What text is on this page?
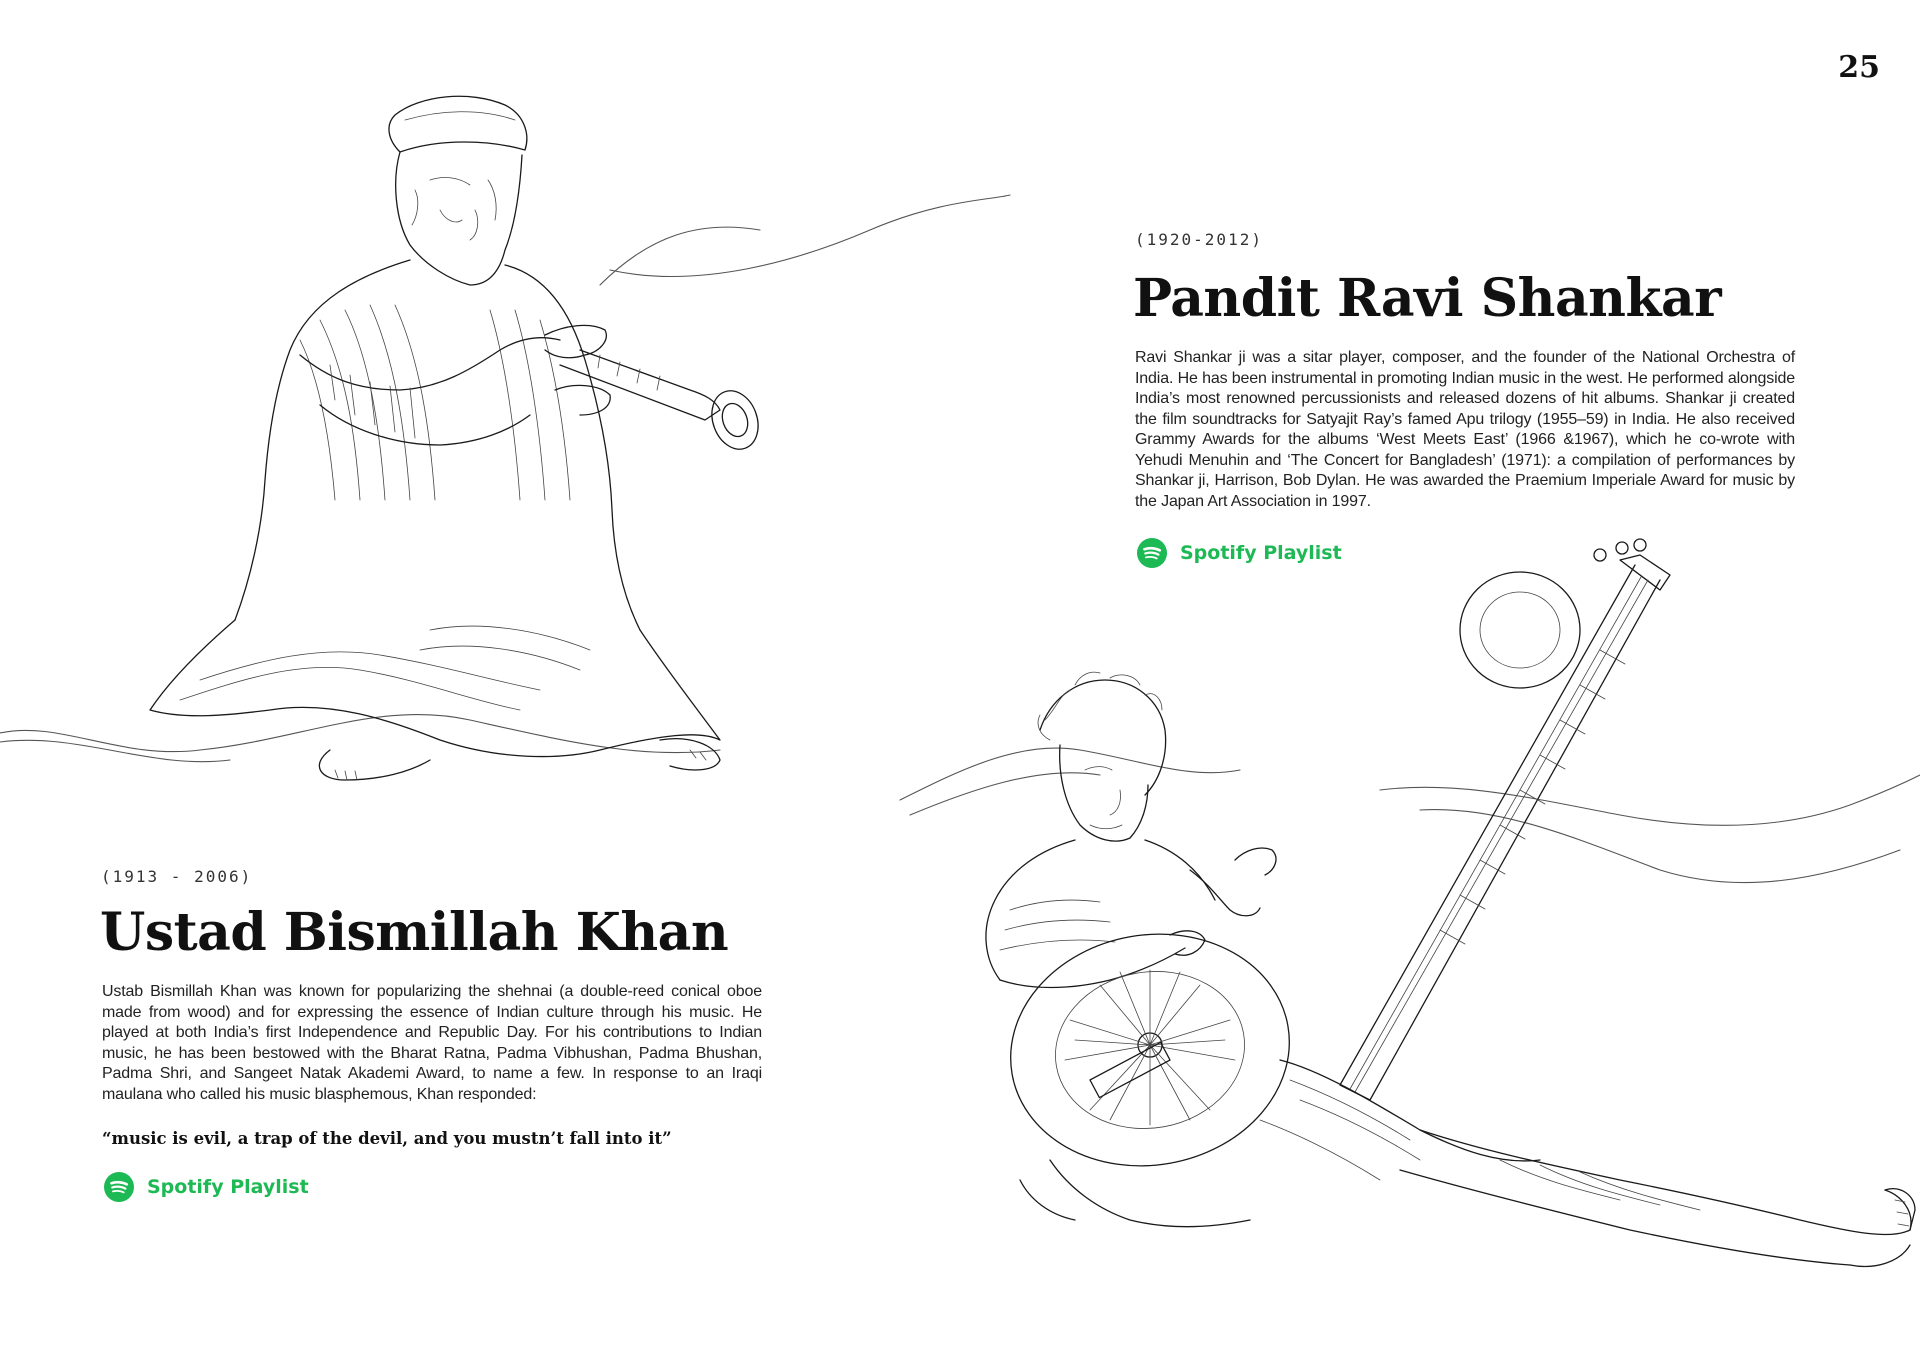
25
(1920-2012)
Pandit Ravi Shankar

Ravi Shankar ji was a sitar player, composer, and the founder of the National Orchestra of India. He has been instrumental in promoting Indian music in the west. He performed alongside India’s most renowned percussionists and released dozens of hit albums. Shankar ji created the film soundtracks for Satyajit Ray’s famed Apu trilogy (1955–59) in India. He also received Grammy Awards for the albums ‘West Meets East’ (1966 &1967), which he co-wrote with Yehudi Menuhin and ‘The Concert for Bangladesh’ (1971): a compilation of performances by Shankar ji, Harrison, Bob Dylan. He was awarded the Praemium Imperiale Award for music by the Japan Art Association in 1997.

Spotify Playlist
(1913 - 2006)
Ustad Bismillah Khan

Ustab Bismillah Khan was known for popularizing the shehnai (a double-reed conical oboe made from wood) and for expressing the essence of Indian culture through his music. He played at both India’s first Independence and Republic Day. For his contributions to Indian music, he has been bestowed with the Bharat Ratna, Padma Vibhushan, Padma Bhushan, Padma Shri, and Sangeet Natak Akademi Award, to name a few. In response to an Iraqi maulana who called his music blasphemous, Khan responded:

“music is evil, a trap of the devil, and you mustn’t fall into it”
Spotify Playlist
